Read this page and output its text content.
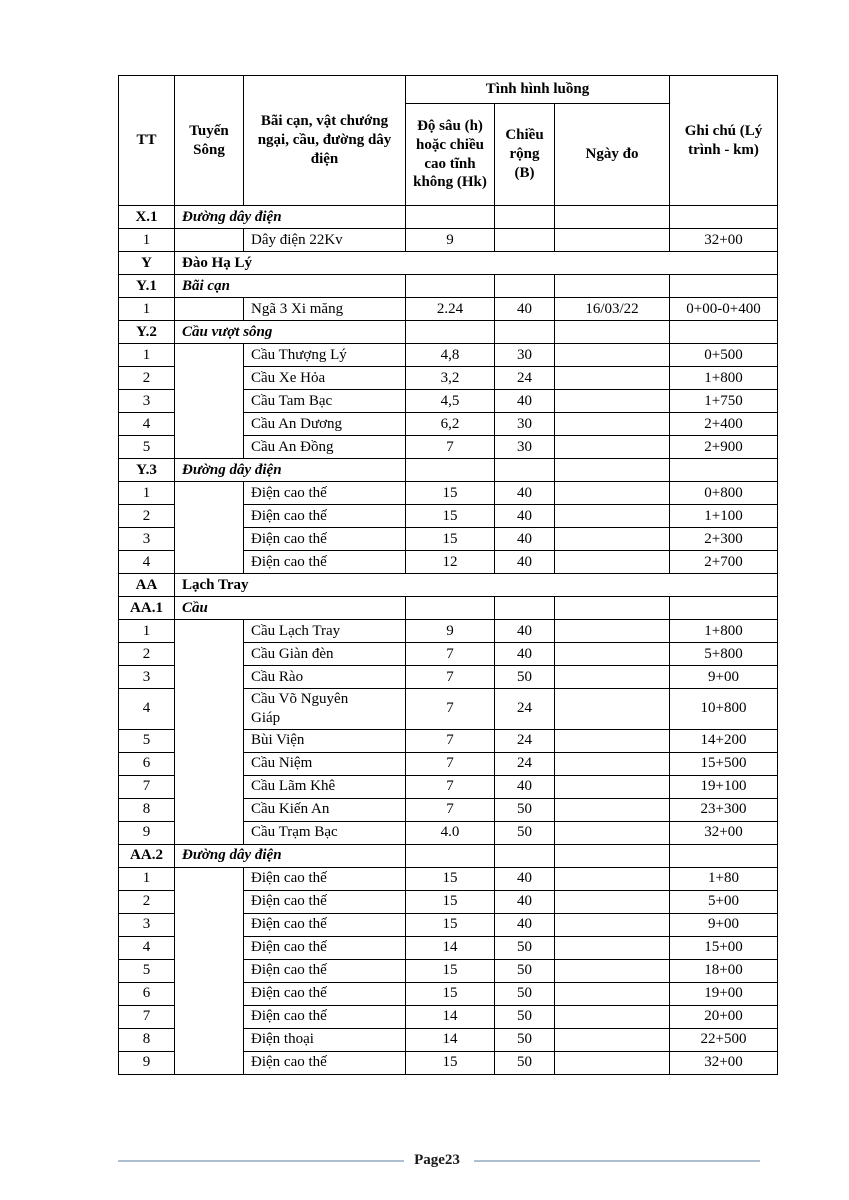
TT	Tuyến Sông	Bãi cạn, vật chướng ngại, cầu, đường dây điện	Tình hình luồng			Ghi chú (Lý trình - km)
			Độ sâu (h) hoặc chiều cao tĩnh không (Hk)	Chiều rộng (B)	Ngày đo	
X.1	Đường dây điện					
1		Dây điện 22Kv	9			32+00
Y	Đào Hạ Lý					
Y.1	Bãi cạn					
1		Ngã 3 Xi măng	2.24	40	16/03/22	0+00-0+400
Y.2	Cầu vượt sông					
1		Cầu Thượng Lý	4,8	30		0+500
2		Cầu Xe Hỏa	3,2	24		1+800
3		Cầu Tam Bạc	4,5	40		1+750
4		Cầu An Dương	6,2	30		2+400
5		Cầu An Đồng	7	30		2+900
Y.3	Đường dây điện					
1		Điện cao thế	15	40		0+800
2		Điện cao thế	15	40		1+100
3		Điện cao thế	15	40		2+300
4		Điện cao thế	12	40		2+700
AA	Lạch Tray					
AA.1	Cầu					
1		Cầu Lạch Tray	9	40		1+800
2		Cầu Giàn đèn	7	40		5+800
3		Cầu Rào	7	50		9+00
4		Cầu Võ Nguyên Giáp	7	24		10+800
5		Bùi Viện	7	24		14+200
6		Cầu Niệm	7	24		15+500
7		Cầu Lãm Khê	7	40		19+100
8		Cầu Kiến An	7	50		23+300
9		Cầu Trạm Bạc	4.0	50		32+00
AA.2	Đường dây điện					
1		Điện cao thế	15	40		1+80
2		Điện cao thế	15	40		5+00
3		Điện cao thế	15	40		9+00
4		Điện cao thế	14	50		15+00
5		Điện cao thế	15	50		18+00
6		Điện cao thế	15	50		19+00
7		Điện cao thế	14	50		20+00
8		Điện thoại	14	50		22+500
9		Điện cao thế	15	50		32+00
Page23
